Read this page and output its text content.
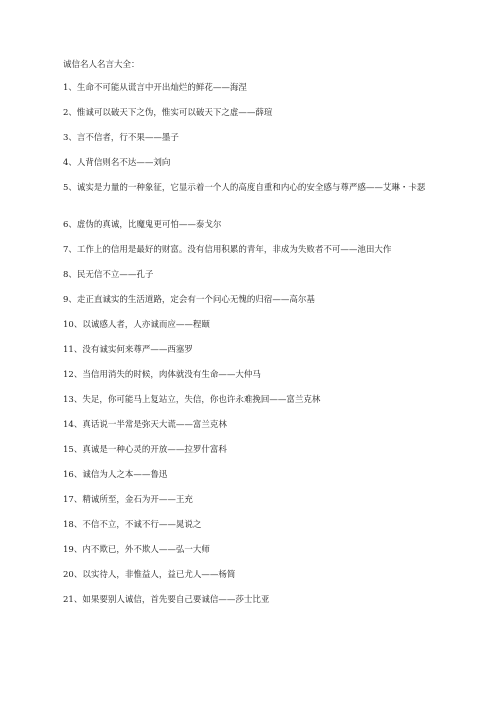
诚信名人名言大全：
1、生命不可能从谎言中开出灿烂的鲜花——海涅
2、惟诚可以破天下之伪，惟实可以破天下之虚——薛瑄
3、言不信者，行不果——墨子
4、人背信则名不达——刘向
5、诚实是力量的一种象征，它显示着一个人的高度自重和内心的安全感与尊严感——艾琳・卡瑟
6、虚伪的真诚，比魔鬼更可怕——泰戈尔
7、工作上的信用是最好的财富。没有信用积累的青年，非成为失败者不可——池田大作
8、民无信不立——孔子
9、走正直诚实的生活道路，定会有一个问心无愧的归宿——高尔基
10、以诚感人者，人亦诚而应——程颐
11、没有诚实何来尊严——西塞罗
12、当信用消失的时候，肉体就没有生命——大仲马
13、失足，你可能马上复站立，失信，你也许永难挽回——富兰克林
14、真话说一半常是弥天大谎——富兰克林
15、真诚是一种心灵的开放——拉罗什富科
16、诚信为人之本——鲁迅
17、精诚所至，金石为开——王充
18、不信不立，不诚不行——晁说之
19、内不欺已，外不欺人——弘一大师
20、以实待人，非惟益人，益已尤人——杨简
21、如果要别人诚信，首先要自己要诚信——莎士比亚
